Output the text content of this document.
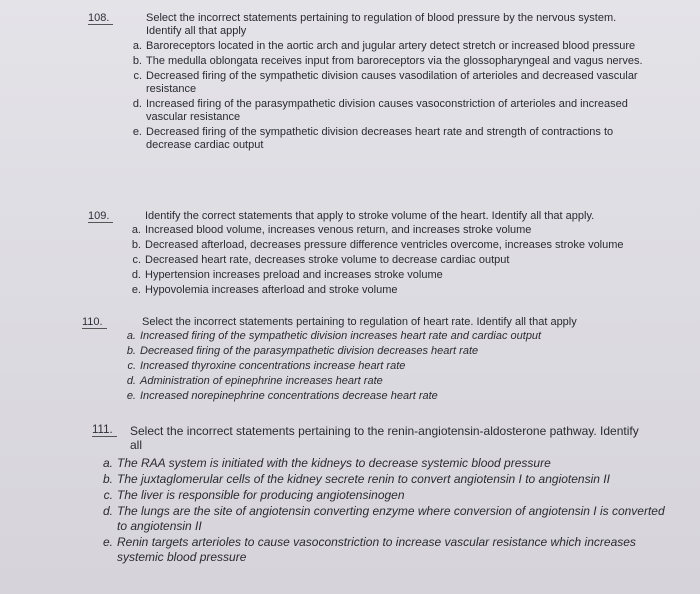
108.	Select the incorrect statements pertaining to regulation of blood pressure by the nervous system. Identify all that apply
a. Baroreceptors located in the aortic arch and jugular artery detect stretch or increased blood pressure
b. The medulla oblongata receives input from baroreceptors via the glossopharyngeal and vagus nerves.
c. Decreased firing of the sympathetic division causes vasodilation of arterioles and decreased vascular resistance
d. Increased firing of the parasympathetic division causes vasoconstriction of arterioles and increased vascular resistance
e. Decreased firing of the sympathetic division decreases heart rate and strength of contractions to decrease cardiac output
109.	Identify the correct statements that apply to stroke volume of the heart. Identify all that apply.
a. Increased blood volume, increases venous return, and increases stroke volume
b. Decreased afterload, decreases pressure difference ventricles overcome, increases stroke volume
c. Decreased heart rate, decreases stroke volume to decrease cardiac output
d. Hypertension increases preload and increases stroke volume
e. Hypovolemia increases afterload and stroke volume
110.	Select the incorrect statements pertaining to regulation of heart rate. Identify all that apply
a. Increased firing of the sympathetic division increases heart rate and cardiac output
b. Decreased firing of the parasympathetic division decreases heart rate
c. Increased thyroxine concentrations increase heart rate
d. Administration of epinephrine increases heart rate
e. Increased norepinephrine concentrations decrease heart rate
111. Select the incorrect statements pertaining to the renin-angiotensin-aldosterone pathway. Identify all
a. The RAA system is initiated with the kidneys to decrease systemic blood pressure
b. The juxtaglomerular cells of the kidney secrete renin to convert angiotensin I to angiotensin II
c. The liver is responsible for producing angiotensinogen
d. The lungs are the site of angiotensin converting enzyme where conversion of angiotensin I is converted to angiotensin II
e. Renin targets arterioles to cause vasoconstriction to increase vascular resistance which increases systemic blood pressure
